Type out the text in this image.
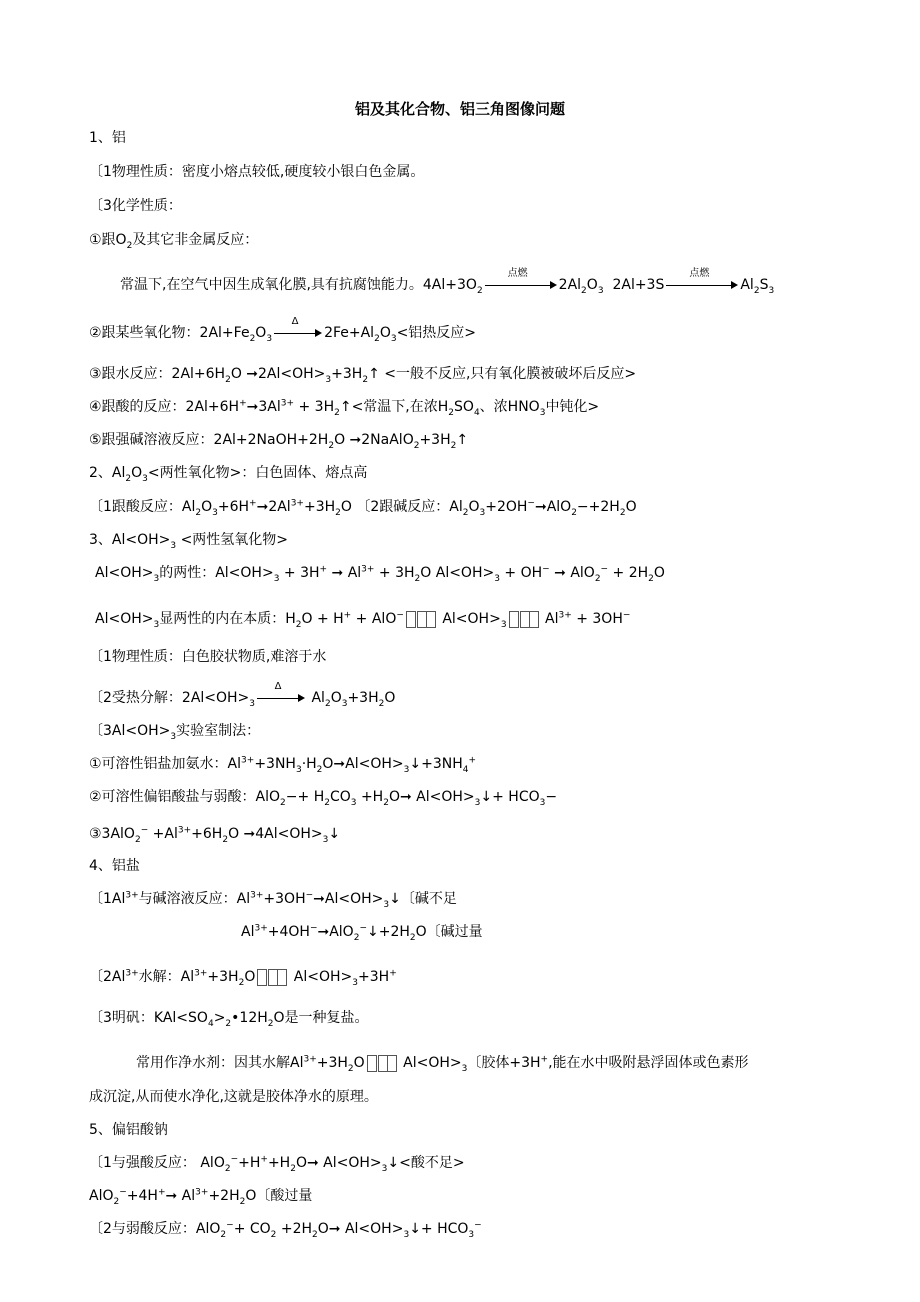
铝及其化合物、铝三角图像问题
1、铝
〔1物理性质：密度小熔点较低,硬度较小银白色金属。
〔3化学性质：
①跟$O_2$及其它非金属反应：
常温下,在空气中因生成氧化膜,具有抗腐蚀能力。$4Al+3O_2$
点燃
$2Al_2O_3$ 2Al+3S
点燃
$Al_2S_3$
②跟某些氧化物：$2Al+Fe_2O_3$
Δ
$2Fe+Al_2O_3<$铝热反应>
③跟水反应：$2Al+6H_2O$ $➞2Al<OH>_3+3H_2↑$ <一般不反应,只有氧化膜被破坏后反应>
④跟酸的反应：$2Al+6H^+➞3Al^{3+}$ + $3H_2↑<$常温下,在浓$H_2SO_4$、浓$HNO_3$中钝化>
⑤跟强碱溶液反应：$2Al+2NaOH+2H_2O$ $➞2NaAlO_2+3H_2↑$
2、$Al_2O_3<$两性氧化物>：白色固体、熔点高
〔1跟酸反应：$Al_2O_3+6H^+➞2Al^{3+}+3H_2O$ 〔2跟碱反应：$Al_2O_3+2OH^-➞AlO_2-+2H_2O$
3、$Al<OH>_3$ <两性氢氧化物>
$Al<OH>_3$的两性：$Al<OH>_3 + 3H^+$ ➞ $Al^{3+} + 3H_2O$ $Al<OH>_3 + OH^-$ ➞ $AlO_2^- + 2H_2O$
$Al<OH>_3$显两性的内在本质：$H_2O + H^+ + AlO^-$
$Al<OH>_3$
$Al^{3+} + 3OH^-$
〔1物理性质：白色胶状物质,难溶于水
〔2受热分解：$2Al<OH>_3$
Δ
$Al_2O_3+3H_2O$
〔$3Al<OH>_3$实验室制法：
①可溶性铝盐加氨水：$Al^{3+}+3NH_3\cdot H_2O➞Al<OH>_3↓+3NH_4^+$
②可溶性偏铝酸盐与弱酸：$AlO_2-+ H_2CO_3$ $+H_2O➞$ $Al<OH>_3↓+ HCO_3-$
③3AlO$_2$− $+Al^{3+}+6H_2O$ $➞4Al<OH>_3↓$
4、铝盐
〔$1Al^{3+}$与碱溶液反应：$Al^{3+}+3OH^-➞Al<OH>_3↓$〔碱不足
$Al^{3+}+4OH^-➞AlO_2^-↓+2H_2O$〔碱过量
〔$2Al^{3+}$水解：$Al^{3+}+3H_2O$
$Al<OH>_3+3H^+$
〔3明矾：$KAl<SO_4>_2•12H_2O$是一种复盐。
常用作净水剂：因其水解$Al^{3+}+3H_2O$
$Al<OH>_3$〔胶体+3H+,能在水中吸附悬浮固体或色素形
成沉淀,从而使水净化,这就是胶体净水的原理。
5、偏铝酸钠
〔1与强酸反应： $AlO_2^-+H^++H_2O➞$ $Al<OH>_3↓<$酸不足>
AlO$_2$−+4H+➞ $Al^{3+}+2H_2O$〔酸过量
〔2与弱酸反应：$AlO_2^-+ CO_2$ $+2H_2O➞$ $Al<OH>_3↓+ HCO_3^-$
